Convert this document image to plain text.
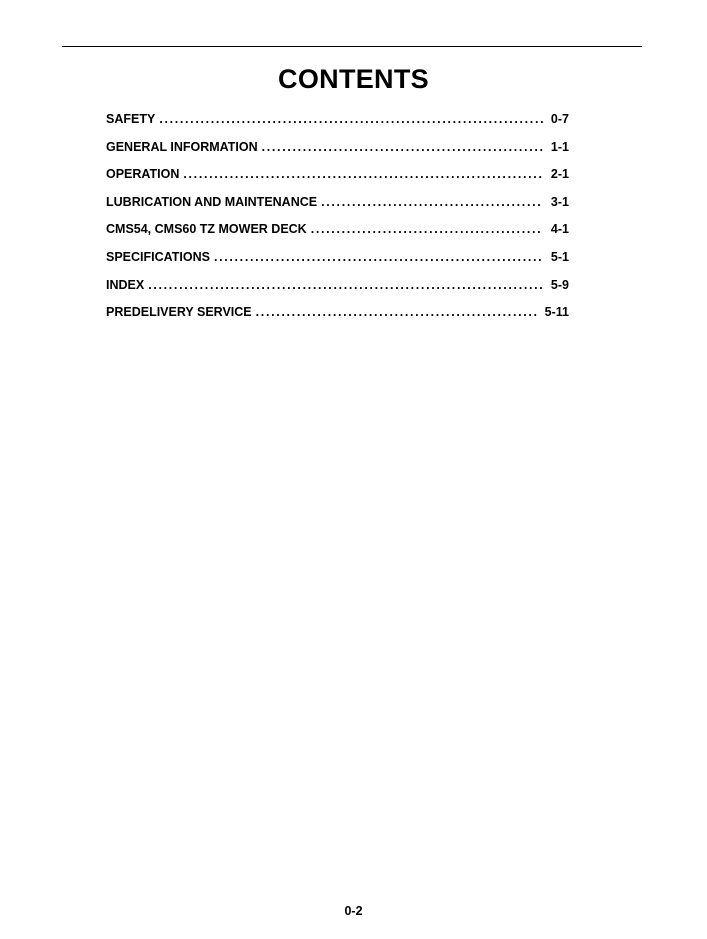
CONTENTS
SAFETY . . .	0-7
GENERAL INFORMATION . . .	1-1
OPERATION . . .	2-1
LUBRICATION AND MAINTENANCE . . .	3-1
CMS54, CMS60 TZ MOWER DECK . . .	4-1
SPECIFICATIONS . . .	5-1
INDEX . . .	5-9
PREDELIVERY SERVICE . . .	5-11
0-2
